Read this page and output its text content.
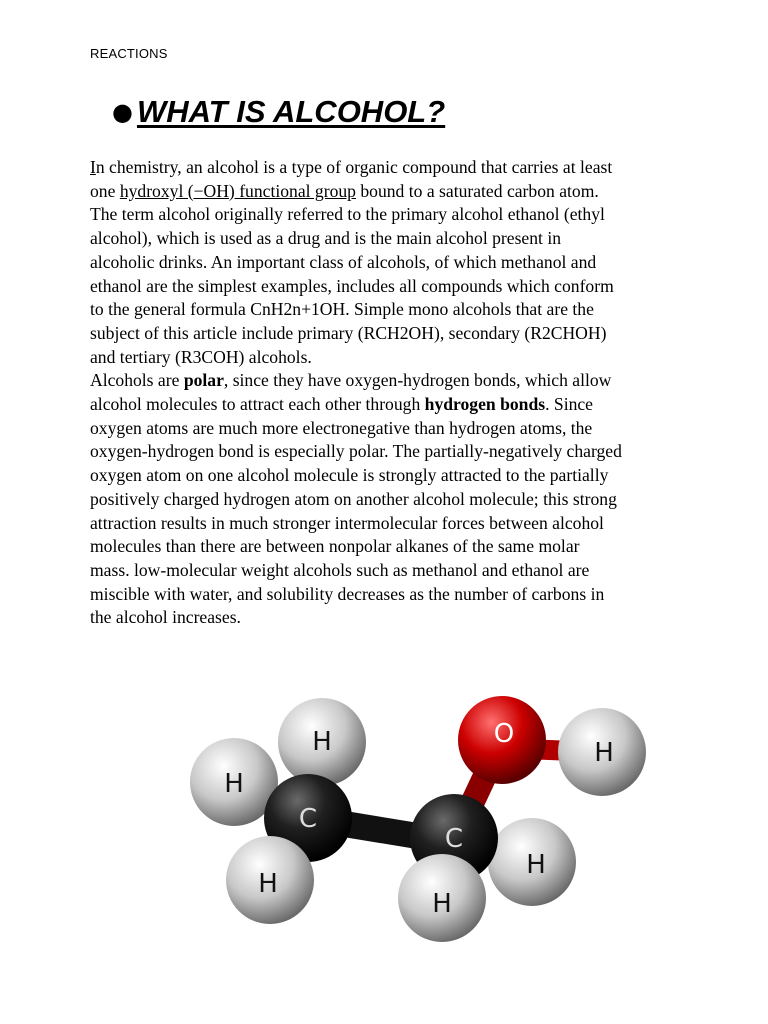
REACTIONS
● WHAT IS ALCOHOL?
In chemistry, an alcohol is a type of organic compound that carries at least
one hydroxyl (−OH) functional group bound to a saturated carbon atom.
The term alcohol originally referred to the primary alcohol ethanol (ethyl
alcohol), which is used as a drug and is the main alcohol present in
alcoholic drinks. An important class of alcohols, of which methanol and
ethanol are the simplest examples, includes all compounds which conform
to the general formula CnH2n+1OH. Simple mono alcohols that are the
subject of this article include primary (RCH2OH), secondary (R2CHOH)
and tertiary (R3COH) alcohols.
Alcohols are polar, since they have oxygen-hydrogen bonds, which allow
alcohol molecules to attract each other through hydrogen bonds. Since
oxygen atoms are much more electronegative than hydrogen atoms, the
oxygen-hydrogen bond is especially polar. The partially-negatively charged
oxygen atom on one alcohol molecule is strongly attracted to the partially
positively charged hydrogen atom on another alcohol molecule; this strong
attraction results in much stronger intermolecular forces between alcohol
molecules than there are between nonpolar alkanes of the same molar
mass. low-molecular weight alcohols such as methanol and ethanol are
miscible with water, and solubility decreases as the number of carbons in
the alcohol increases.
H
H
H
O
C
H
C
H
H
